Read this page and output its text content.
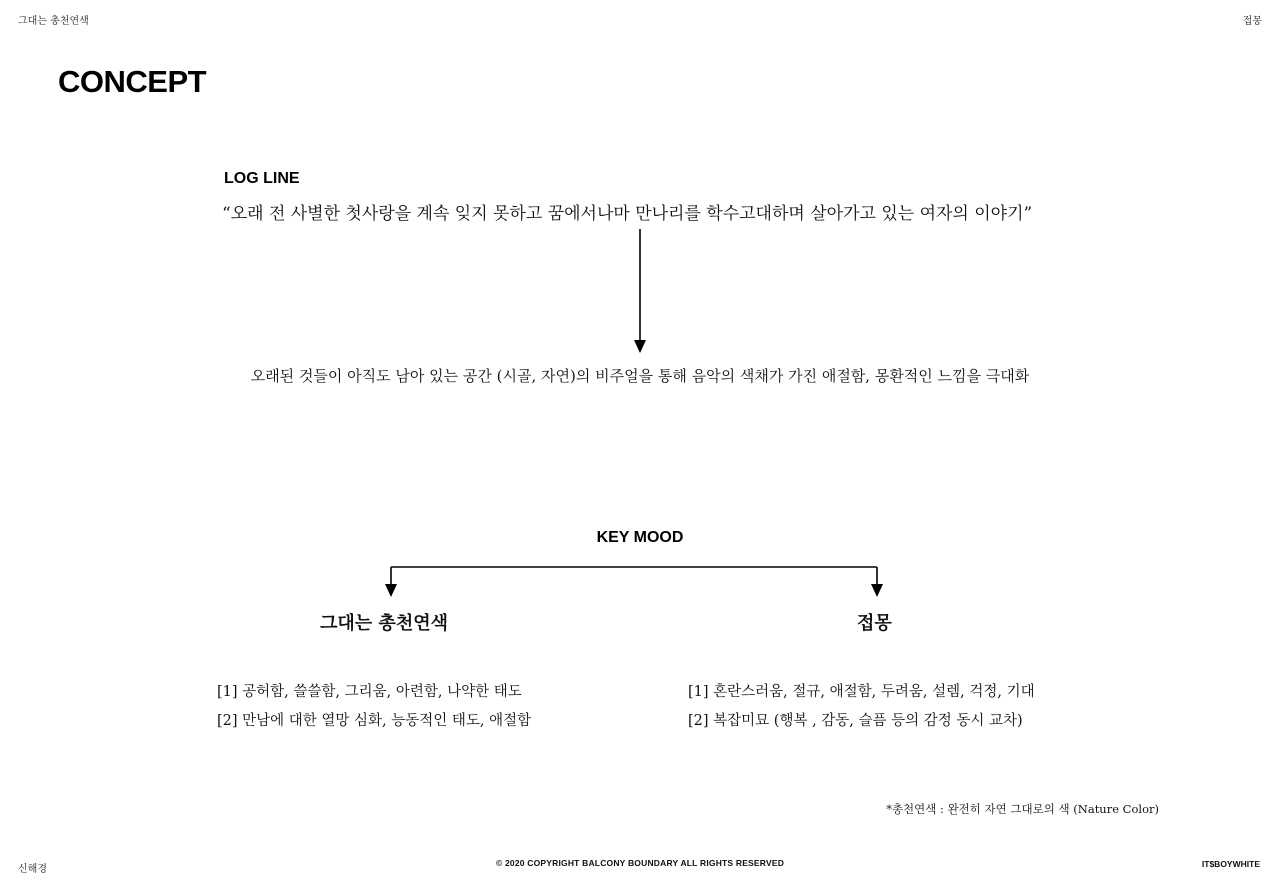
그대는 총천연색	접몽
CONCEPT
LOG LINE
“오래 전 사별한 첫사랑을 계속 잊지 못하고 꿈에서나마 만나리를 학수고대하며 살아가고 있는 여자의 이야기”
오래된 것들이 아직도 남아 있는 공간 (시골, 자연)의 비주얼을 통해 음악의 색채가 가진 애절함, 몽환적인 느낌을 극대화
KEY MOOD
그대는 총천연색	접몽
[1] 공허함, 쓸쓸함, 그리움, 아련함, 나약한 태도
[2] 만남에 대한 열망 심화, 능동적인 태도, 애절함
[1] 혼란스러움, 절규, 애절함, 두려움, 설렘, 걱정, 기대
[2] 복잡미묘 (행복 , 감동, 슬픔 등의 감정 동시 교차)
*총천연색 : 완전히 자연 그대로의 색 (Nature Color)
신해경
© 2020 COPYRIGHT BALCONY BOUNDARY ALL RIGHTS RESERVED	IT$BOYWHITE
